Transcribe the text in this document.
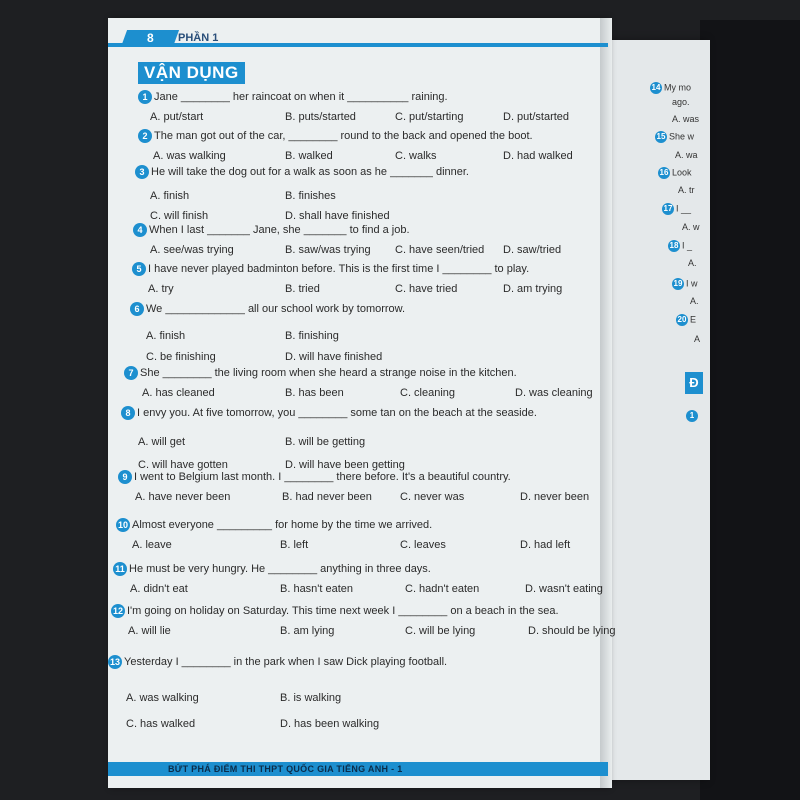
8	PHẦN 1
VẬN DỤNG
1 Jane ________ her raincoat on when it __________ raining.
A. put/start	B. puts/started	C. put/starting	D. put/started
2 The man got out of the car, ________ round to the back and opened the boot.
A. was walking	B. walked	C. walks	D. had walked
3 He will take the dog out for a walk as soon as he _______ dinner.
A. finish	B. finishes
C. will finish	D. shall have finished
4 When I last _______ Jane, she _______ to find a job.
A. see/was trying	B. saw/was trying C. have seen/tried D. saw/tried
5 I have never played badminton before. This is the first time I ________ to play.
A. try	B. tried	C. have tried	D. am trying
6 We _____________ all our school work by tomorrow.
A. finish	B. finishing
C. be finishing	D. will have finished
7 She ________ the living room when she heard a strange noise in the kitchen.
A. has cleaned	B. has been	C. cleaning	D. was cleaning
8 I envy you. At five tomorrow, you ________ some tan on the beach at the seaside.
A. will get	B. will be getting
C. will have gotten	D. will have been getting
9 I went to Belgium last month. I ________ there before. It's a beautiful country.
A. have never been	B. had never been	C. never was	D. never been
10 Almost everyone _________ for home by the time we arrived.
A. leave	B. left	C. leaves	D. had left
11 He must be very hungry. He ________ anything in three days.
A. didn't eat	B. hasn't eaten	C. hadn't eaten	D. wasn't eating
12 I'm going on holiday on Saturday. This time next week I ________ on a beach in the sea.
A. will lie	B. am lying	C. will be lying	D. should be lying
13 Yesterday I ________ in the park when I saw Dick playing football.
A. was walking	B. is walking
C. has walked	D. has been walking
BỨT PHÁ ĐIỂM THI THPT QUỐC GIA TIẾNG ANH - 1
14 My mo
ago.
A. was
15 She w
A. wa
16 Look
A. tr
17 I __
A. w
18 I _
A.
19 I w
A.
20 E
A
1
Đ
